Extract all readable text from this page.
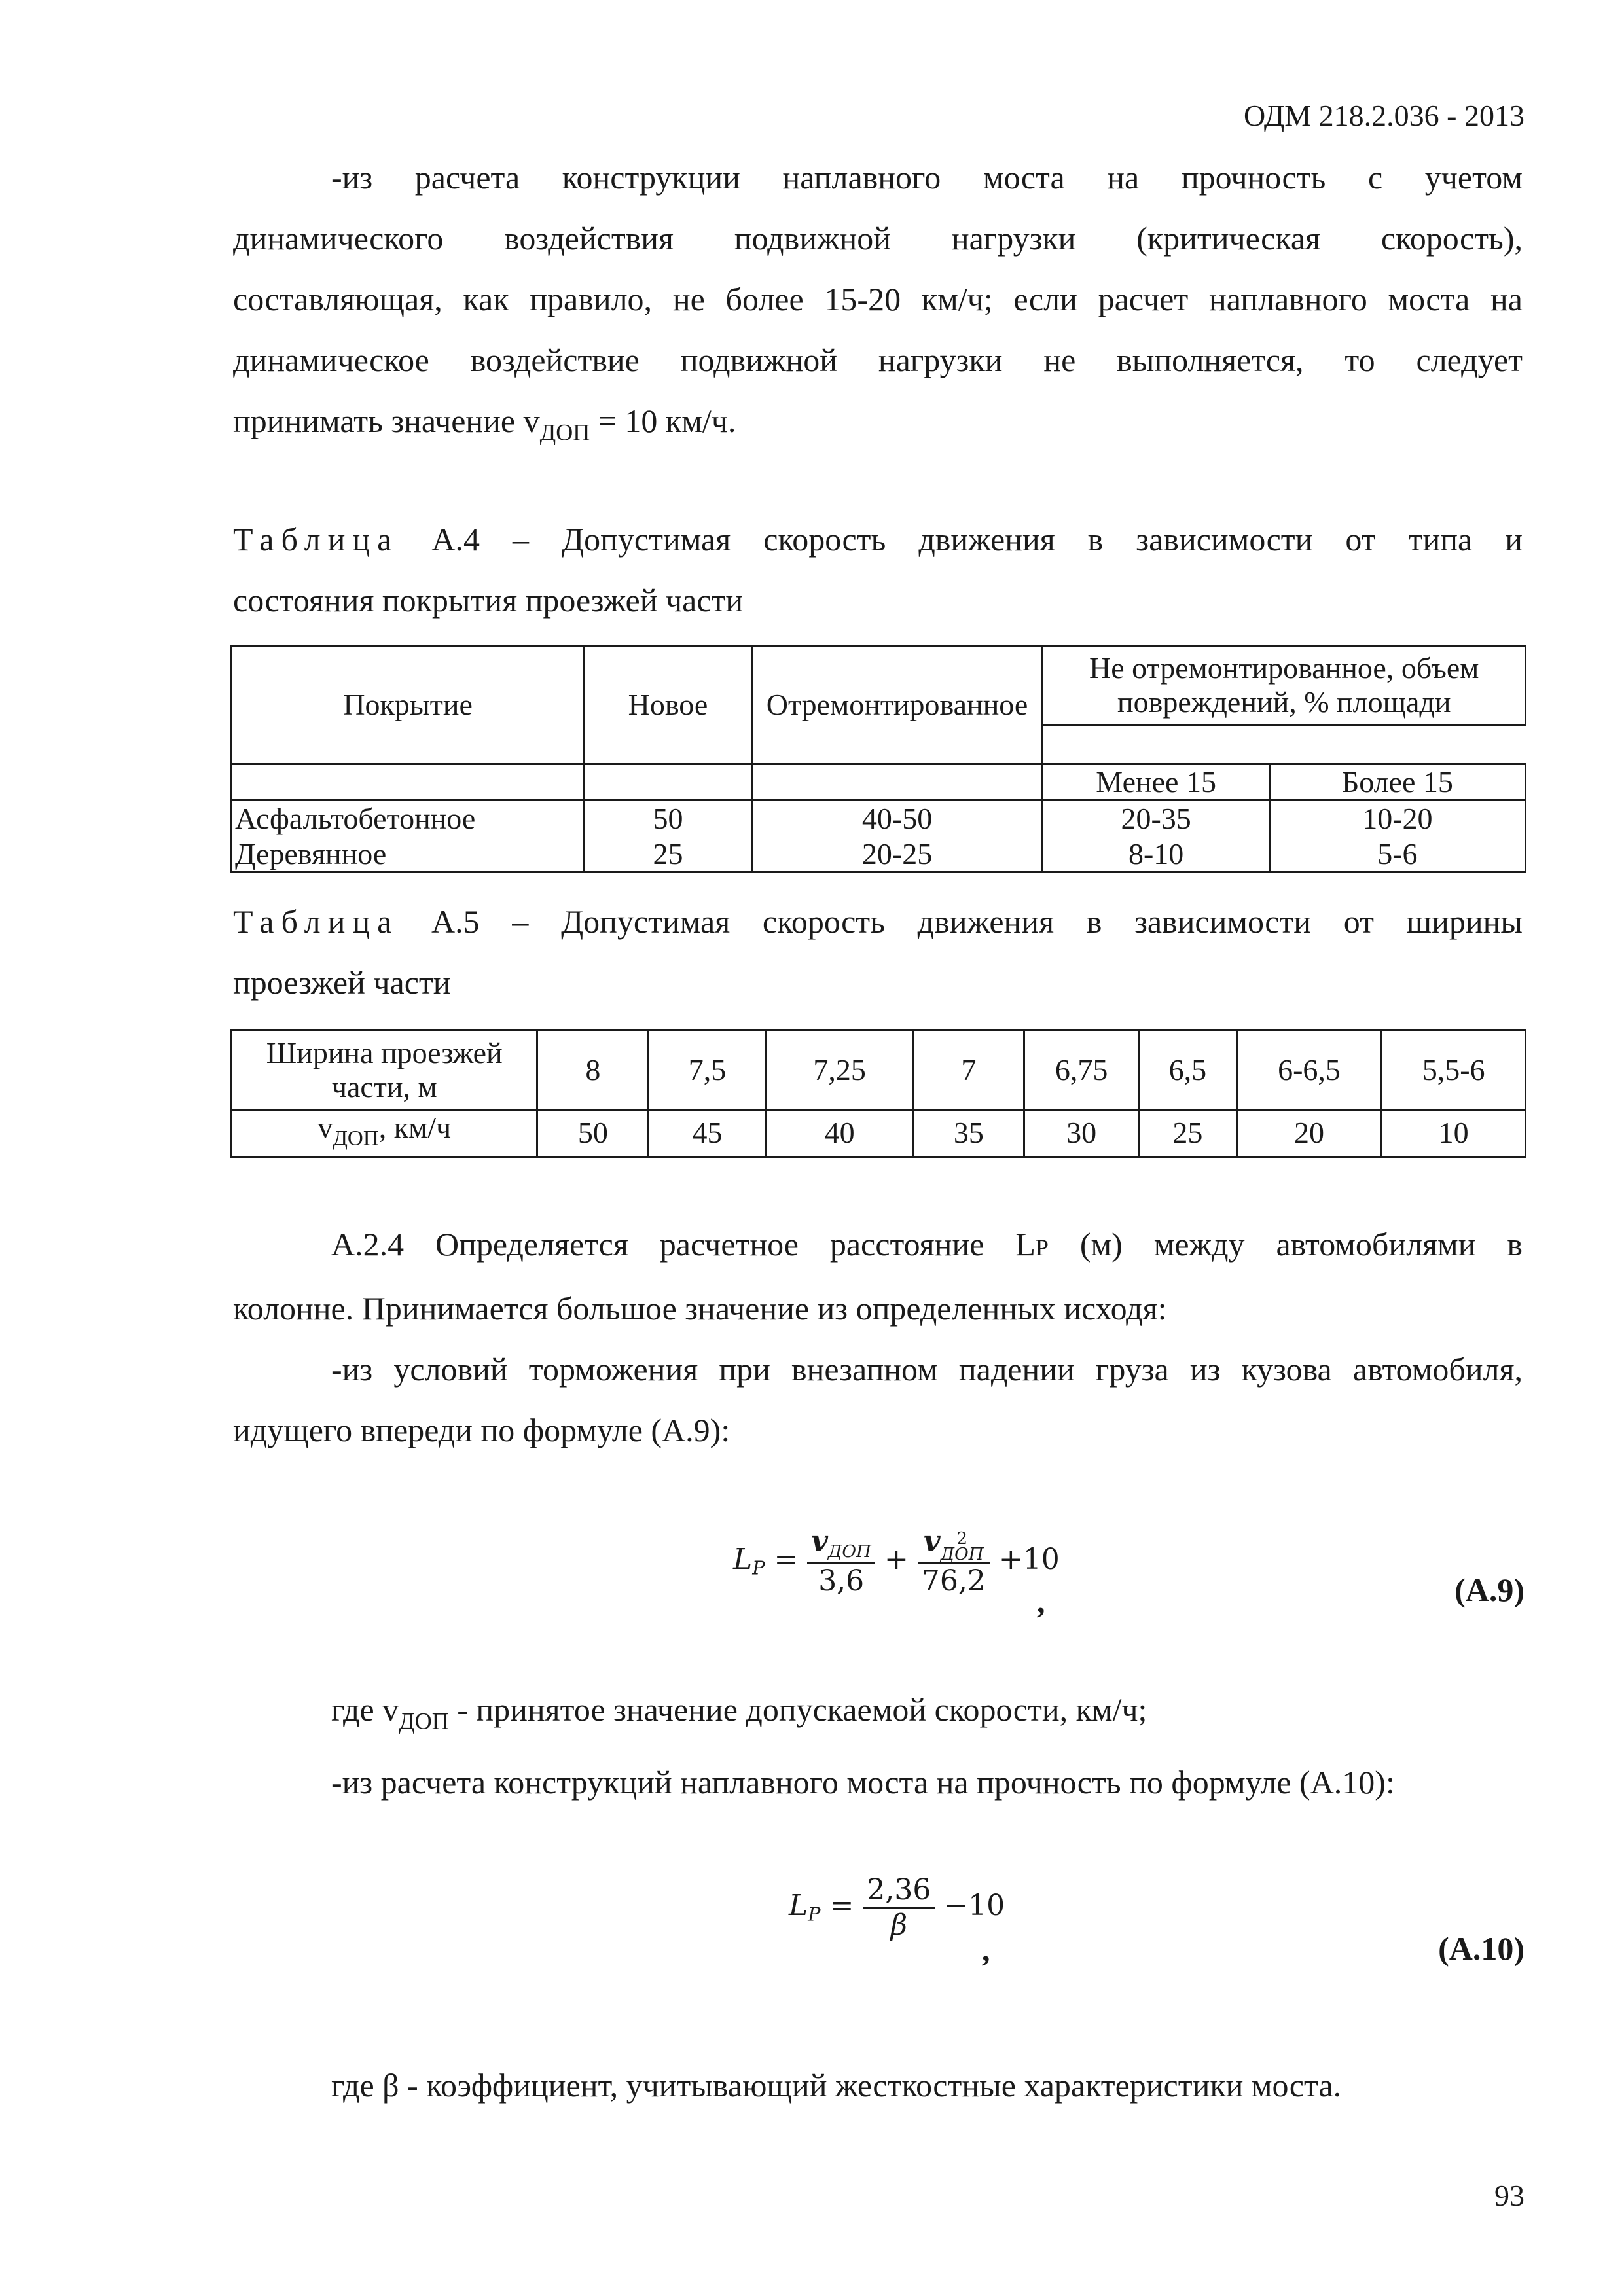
ОДМ 218.2.036 - 2013
-из расчета конструкции наплавного моста на прочность с учетом
динамического воздействия подвижной нагрузки (критическая скорость),
составляющая, как правило, не более 15-20 км/ч; если расчет наплавного моста на
динамическое воздействие подвижной нагрузки не выполняется, то следует
принимать значение $v_{ДОП} = 10$ км/ч.
Таблица А.4 – Допустимая скорость движения в зависимости от типа и
состояния покрытия проезжей части
Покрытие	Новое	Отремонтированное	Не отремонтированное, объем повреждений, % площади	

			Менее 15	Более 15
Асфальтобетонное	50	40-50	20-35	10-20
Деревянное	25	20-25	8-10	5-6
Таблица А.5 – Допустимая скорость движения в зависимости от ширины
проезжей части
Ширина проезжей части, м	8	7,5	7,25	7	6,75	6,5	6-6,5	5,5-6
$v_{ДОП}$, км/ч	50	45	40	35	30	25	20	10
А.2.4 Определяется расчетное расстояние LP (м) между автомобилями в
колонне. Принимается большое значение из определенных исходя:
-из условий торможения при внезапном падении груза из кузова автомобиля,
идущего впереди по формуле (А.9):
LP = $\frac{v_{ДОП}}{3,6} + v$ 2
ДОП
76,2 +10
,	(А.9)
где $v_{ДОП}$ - принятое значение допускаемой скорости, км/ч;
-из расчета конструкций наплавного моста на прочность по формуле (А.10):
LP = $\frac{2,36}{\beta} -10$
,	(А.10)
где β - коэффициент, учитывающий жесткостные характеристики моста.
93
